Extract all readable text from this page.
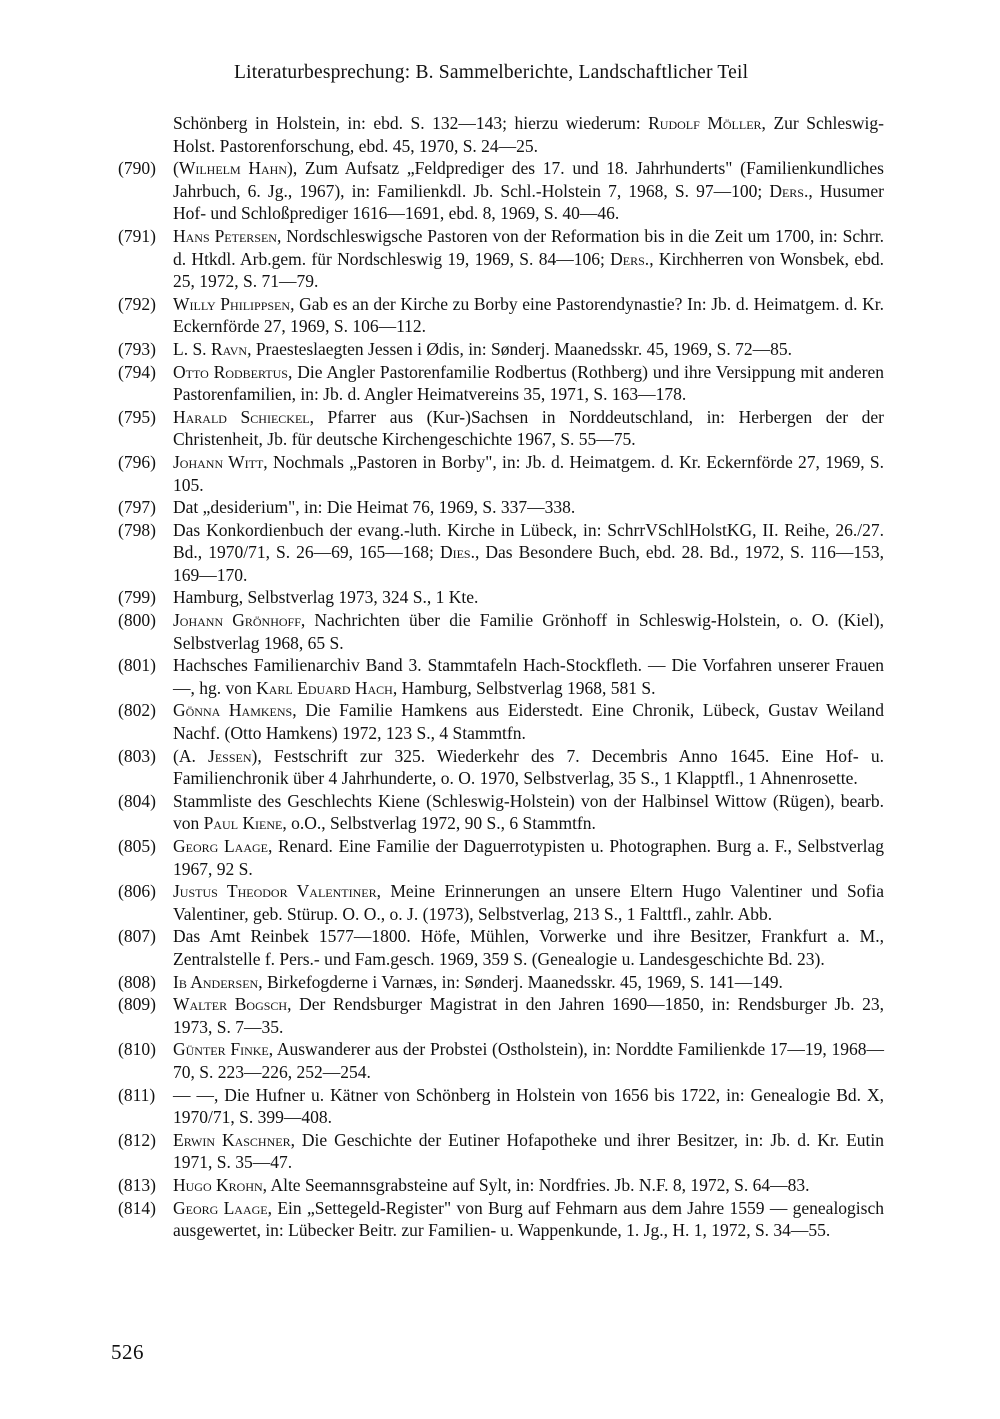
Literaturbesprechung: B. Sammelberichte, Landschaftlicher Teil

Schönberg in Holstein, in: ebd. S. 132—143; hierzu wiederum: Rudolf Möller, Zur Schleswig-Holst. Pastorenforschung, ebd. 45, 1970, S. 24—25.

(790) (Wilhelm Hahn), Zum Aufsatz „Feldprediger des 17. und 18. Jahrhunderts" (Familienkundliches Jahrbuch, 6. Jg., 1967), in: Familienkdl. Jb. Schl.-Holstein 7, 1968, S. 97—100; Ders., Husumer Hof- und Schloßprediger 1616—1691, ebd. 8, 1969, S. 40—46.

(791) Hans Petersen, Nordschleswigsche Pastoren von der Reformation bis in die Zeit um 1700, in: Schrr. d. Htkdl. Arb.gem. für Nordschleswig 19, 1969, S. 84—106; Ders., Kirchherren von Wonsbek, ebd. 25, 1972, S. 71—79.

(792) Willy Philippsen, Gab es an der Kirche zu Borby eine Pastorendynastie? In: Jb. d. Heimatgem. d. Kr. Eckernförde 27, 1969, S. 106—112.

(793) L. S. Ravn, Praesteslaegten Jessen i Ødis, in: Sønderj. Maanedsskr. 45, 1969, S. 72—85.

(794) Otto Rodbertus, Die Angler Pastorenfamilie Rodbertus (Rothberg) und ihre Versippung mit anderen Pastorenfamilien, in: Jb. d. Angler Heimatvereins 35, 1971, S. 163—178.

(795) Harald Schieckel, Pfarrer aus (Kur-)Sachsen in Norddeutschland, in: Herbergen der der Christenheit, Jb. für deutsche Kirchengeschichte 1967, S. 55—75.

(796) Johann Witt, Nochmals „Pastoren in Borby", in: Jb. d. Heimatgem. d. Kr. Eckernförde 27, 1969, S. 105.

(797) Dat „desiderium", in: Die Heimat 76, 1969, S. 337—338.

(798) Das Konkordienbuch der evang.-luth. Kirche in Lübeck, in: SchrrVSchlHolstKG, II. Reihe, 26./27. Bd., 1970/71, S. 26—69, 165—168; Dies., Das Besondere Buch, ebd. 28. Bd., 1972, S. 116—153, 169—170.

(799) Hamburg, Selbstverlag 1973, 324 S., 1 Kte.

(800) Johann Grönhoff, Nachrichten über die Familie Grönhoff in Schleswig-Holstein, o. O. (Kiel), Selbstverlag 1968, 65 S.

(801) Hachsches Familienarchiv Band 3. Stammtafeln Hach-Stockfleth. — Die Vorfahren unserer Frauen —, hg. von Karl Eduard Hach, Hamburg, Selbstverlag 1968, 581 S.

(802) Gönna Hamkens, Die Familie Hamkens aus Eiderstedt. Eine Chronik, Lübeck, Gustav Weiland Nachf. (Otto Hamkens) 1972, 123 S., 4 Stammtfn.

(803) (A. Jessen), Festschrift zur 325. Wiederkehr des 7. Decembris Anno 1645. Eine Hof- u. Familienchronik über 4 Jahrhunderte, o. O. 1970, Selbstverlag, 35 S., 1 Klapptfl., 1 Ahnenrosette.

(804) Stammliste des Geschlechts Kiene (Schleswig-Holstein) von der Halbinsel Wittow (Rügen), bearb. von Paul Kiene, o.O., Selbstverlag 1972, 90 S., 6 Stammtfn.

(805) Georg Laage, Renard. Eine Familie der Daguerrotypisten u. Photographen. Burg a. F., Selbstverlag 1967, 92 S.

(806) Justus Theodor Valentiner, Meine Erinnerungen an unsere Eltern Hugo Valentiner und Sofia Valentiner, geb. Stürup. O. O., o. J. (1973), Selbstverlag, 213 S., 1 Falttfl., zahlr. Abb.

(807) Das Amt Reinbek 1577—1800. Höfe, Mühlen, Vorwerke und ihre Besitzer, Frankfurt a. M., Zentralstelle f. Pers.- und Fam.gesch. 1969, 359 S. (Genealogie u. Landesgeschichte Bd. 23).

(808) Ib Andersen, Birkefogderne i Varnæs, in: Sønderj. Maanedsskr. 45, 1969, S. 141—149.

(809) Walter Bogsch, Der Rendsburger Magistrat in den Jahren 1690—1850, in: Rendsburger Jb. 23, 1973, S. 7—35.

(810) Günter Finke, Auswanderer aus der Probstei (Ostholstein), in: Norddte Familienkde 17—19, 1968—70, S. 223—226, 252—254.

(811) — —, Die Hufner u. Kätner von Schönberg in Holstein von 1656 bis 1722, in: Genealogie Bd. X, 1970/71, S. 399—408.

(812) Erwin Kaschner, Die Geschichte der Eutiner Hofapotheke und ihrer Besitzer, in: Jb. d. Kr. Eutin 1971, S. 35—47.

(813) Hugo Krohn, Alte Seemannsgrabsteine auf Sylt, in: Nordfries. Jb. N.F. 8, 1972, S. 64—83.

(814) Georg Laage, Ein „Settegeld-Register" von Burg auf Fehmarn aus dem Jahre 1559 — genealogisch ausgewertet, in: Lübecker Beitr. zur Familien- u. Wappenkunde, 1. Jg., H. 1, 1972, S. 34—55.

526
